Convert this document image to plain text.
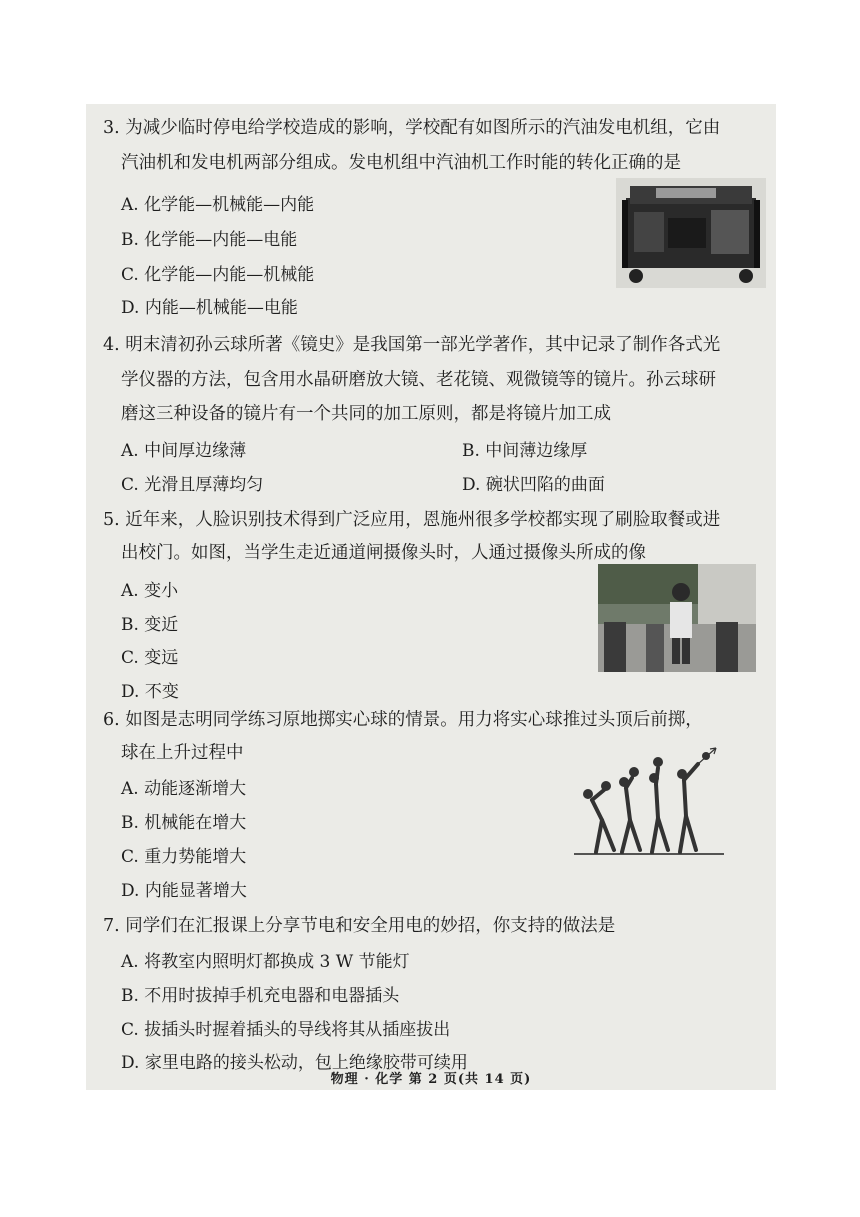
3. 为减少临时停电给学校造成的影响，学校配有如图所示的汽油发电机组，它由
汽油机和发电机两部分组成。发电机组中汽油机工作时能的转化正确的是
A. 化学能—机械能—内能
B. 化学能—内能—电能
C. 化学能—内能—机械能
D. 内能—机械能—电能
4. 明末清初孙云球所著《镜史》是我国第一部光学著作，其中记录了制作各式光
学仪器的方法，包含用水晶研磨放大镜、老花镜、观微镜等的镜片。孙云球研
磨这三种设备的镜片有一个共同的加工原则，都是将镜片加工成
A. 中间厚边缘薄	B. 中间薄边缘厚
C. 光滑且厚薄均匀	D. 碗状凹陷的曲面
5. 近年来，人脸识别技术得到广泛应用，恩施州很多学校都实现了刷脸取餐或进
出校门。如图，当学生走近通道闸摄像头时，人通过摄像头所成的像
A. 变小
B. 变近
C. 变远
D. 不变
6. 如图是志明同学练习原地掷实心球的情景。用力将实心球推过头顶后前掷，
球在上升过程中
A. 动能逐渐增大
B. 机械能在增大
C. 重力势能增大
D. 内能显著增大
7. 同学们在汇报课上分享节电和安全用电的妙招，你支持的做法是
A. 将教室内照明灯都换成 3 W 节能灯
B. 不用时拔掉手机充电器和电器插头
C. 拔插头时握着插头的导线将其从插座拔出
D. 家里电路的接头松动，包上绝缘胶带可续用
物理 · 化学 第 2 页(共 14 页)
